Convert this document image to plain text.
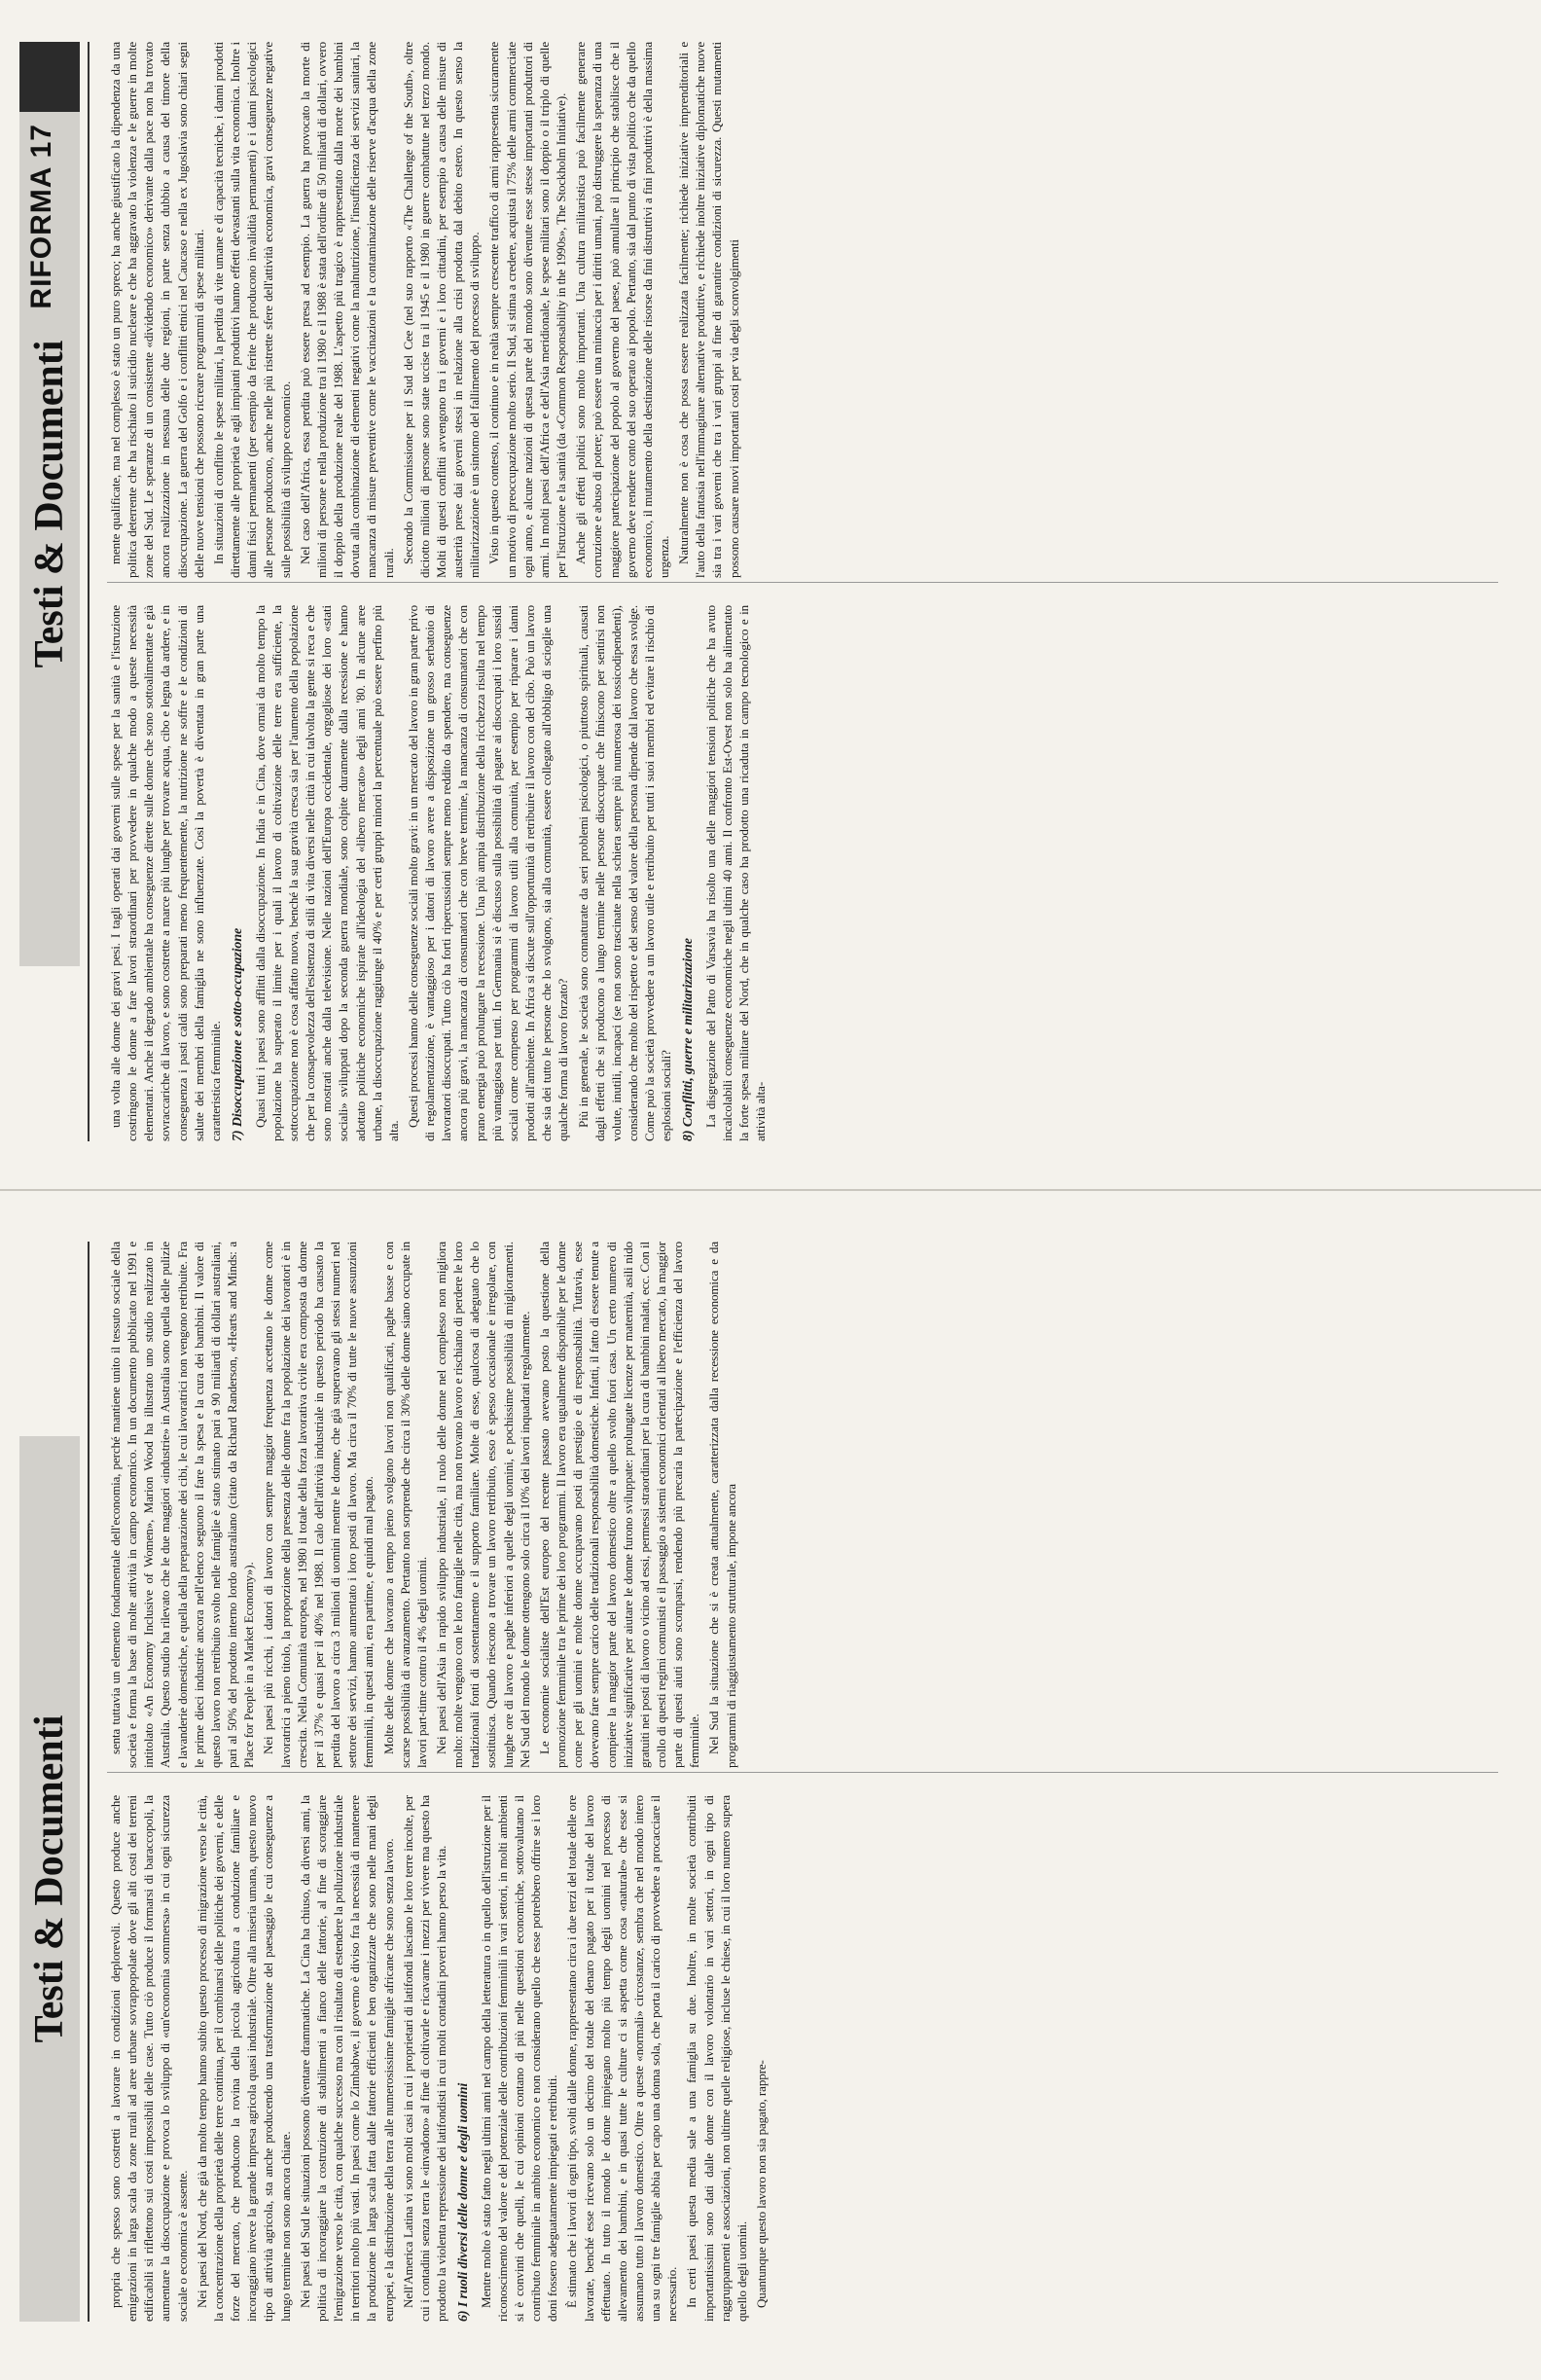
Testi & Documenti	propria che spesso sono costretti a lavorare in condizioni deplorevoli. Questo produce anche emigrazioni in larga scala da zone rurali ad aree urbane sovrappopolate dove gli alti costi dei terreni edificabili si riflettono sui costi impossibili delle case. Tutto ciò produce il formarsi di baraccopoli, la aumentare la disoccupazione e provoca lo sviluppo di «un'economia sommersa» in cui ogni sicurezza sociale o economica è assente. Nei paesi del Nord, che già da molto tempo hanno subito questo processo di migrazione verso le città, la concentrazione della proprietà delle terre continua, per il combinarsi delle politiche dei governi, e delle forze del mercato, che producono la rovina della piccola agricoltura a conduzione familiare e incoraggiano invece la grande impresa agricola quasi industriale. Oltre alla miseria umana, questo nuovo tipo di attività agricola, sta anche producendo una trasformazione del paesaggio le cui conseguenze a lungo termine non sono ancora chiare. Nei paesi del Sud le situazioni possono diventare drammatiche. La Cina ha chiuso, da diversi anni, la politica di incoraggiare la costruzione di stabilimenti a fianco delle fattorie, al fine di scoraggiare l'emigrazione verso le città, con qualche successo ma con il risultato di estendere la polluzione industriale in territori molto più vasti. In paesi come lo Zimbabwe, il governo è diviso fra la necessità di mantenere la produzione in larga scala fatta dalle fattorie efficienti e ben organizzate che sono nelle mani degli europei, e la distribuzione della terra alle numerosissime famiglie africane che sono senza lavoro. Nell'America Latina vi sono molti casi in cui i proprietari di latifondi lasciano le loro terre incolte, per cui i contadini senza terra le «invadono» al fine di coltivarle e ricavarne i mezzi per vivere ma questo ha prodotto la violenta repressione dei latifondisti in cui molti contadini poveri hanno perso la vita. 6) I ruoli diversi delle donne e degli uomini Mentre molto è stato fatto negli ultimi anni nel campo della letteratura o in quello dell'istruzione per il riconoscimento del valore e del potenziale delle contribuzioni femminili in vari settori, in molti ambienti si è convinti che quelli, le cui opinioni contano di più nelle questioni economiche, sottovalutano il contributo femminile in ambito economico e non considerano quello che esse potrebbero offrire se i loro doni fossero adeguatamente impiegati e retribuiti. È stimato che i lavori di ogni tipo, svolti dalle donne, rappresentano circa i due terzi del totale delle ore lavorate, benché esse ricevano solo un decimo del totale del denaro pagato per il totale del lavoro effettuato. In tutto il mondo le donne impiegano molto più tempo degli uomini nel processo di allevamento dei bambini, e in quasi tutte le culture ci si aspetta come cosa «naturale» che esse si assumano tutto il lavoro domestico. Oltre a queste «normali» circostanze, sembra che nel mondo intero una su ogni tre famiglie abbia per capo una donna sola, che porta il carico di provvedere a procacciare il necessario. In certi paesi questa media sale a una famiglia su due. Inoltre, in molte società contribuiti importantissimi sono dati dalle donne con il lavoro volontario in vari settori, in ogni tipo di raggruppamenti e associazioni, non ultime quelle religiose, incluse le chiese, in cui il loro numero supera quello degli uomini. Quantunque questo lavoro non sia pagato, rappre-

senta tuttavia un elemento fondamentale dell'economia, perché mantiene unito il tessuto sociale della società e forma la base di molte attività in campo economico. In un documento pubblicato nel 1991 e intitolato «An Economy Inclusive of Women», Marion Wood ha illustrato uno studio realizzato in Australia. Questo studio ha rilevato che le due maggiori «industrie» in Australia sono quella delle pulizie e lavanderie domestiche, e quella della preparazione dei cibi, le cui lavoratrici non vengono retribuite. Fra le prime dieci industrie ancora nell'elenco seguono il fare la spesa e la cura dei bambini. Il valore di questo lavoro non retribuito svolto nelle famiglie è stato stimato pari a 90 miliardi di dollari australiani, pari al 50% del prodotto interno lordo australiano (citato da Richard Randerson, «Hearts and Minds: a Place for People in a Market Economy»). Nei paesi più ricchi, i datori di lavoro con sempre maggior frequenza accettano le donne come lavoratrici a pieno titolo, la proporzione della presenza delle donne fra la popolazione dei lavoratori è in crescita. Nella Comunità europea, nel 1980 il totale della forza lavorativa civile era composta da donne per il 37% e quasi per il 40% nel 1988. Il calo dell'attività industriale in questo periodo ha causato la perdita del lavoro a circa 3 milioni di uomini mentre le donne, che già superavano gli stessi numeri nel settore dei servizi, hanno aumentato i loro posti di lavoro. Ma circa il 70% di tutte le nuove assunzioni femminili, in questi anni, era partime, e quindi mal pagato. Molte delle donne che lavorano a tempo pieno svolgono lavori non qualificati, paghe basse e con scarse possibilità di avanzamento. Pertanto non sorprende che circa il 30% delle donne siano occupate in lavori part-time contro il 4% degli uomini. Nei paesi dell'Asia in rapido sviluppo industriale, il ruolo delle donne nel complesso non migliora molto: molte vengono con le loro famiglie nelle città, ma non trovano lavoro e rischiano di perdere le loro tradizionali fonti di sostentamento e il supporto familiare. Molte di esse, qualcosa di adeguato che lo sostituisca. Quando riescono a trovare un lavoro retribuito, esso è spesso occasionale e irregolare, con lunghe ore di lavoro e paghe inferiori a quelle degli uomini, e pochissime possibilità di miglioramenti. Nel Sud del mondo le donne ottengono solo circa il 10% dei lavori inquadrati regolarmente. Le economie socialiste dell'Est europeo del recente passato avevano posto la questione della promozione femminile tra le prime dei loro programmi. Il lavoro era ugualmente disponibile per le donne come per gli uomini e molte donne occupavano posti di prestigio e di responsabilità. Tuttavia, esse dovevano fare sempre carico delle tradizionali responsabilità domestiche. Infatti, il fatto di essere tenute a compiere la maggior parte del lavoro domestico oltre a quello svolto fuori casa. Un certo numero di iniziative significative per aiutare le donne furono sviluppate: prolungate licenze per maternità, asili nido gratuiti nei posti di lavoro o vicino ad essi, permessi straordinari per la cura di bambini malati, ecc. Con il crollo di questi regimi comunisti e il passaggio a sistemi economici orientati al libero mercato, la maggior parte di questi aiuti sono scomparsi, rendendo più precaria la partecipazione e l'efficienza del lavoro femminile. Nel Sud la situazione che si è creata attualmente, caratterizzata dalla recessione economica e da programmi di riaggiustamento strutturale, impone ancora

Testi & Documenti
RIFORMA 17

una volta alle donne dei gravi pesi. I tagli operati dai governi sulle spese per la sanità e l'istruzione costringono le donne a fare lavori straordinari per provvedere in qualche modo a queste necessità elementari. Anche il degrado ambientale ha conseguenze dirette sulle donne che sono sottoalimentate e già sovraccariche di lavoro, e sono costrette a marce più lunghe per trovare acqua, cibo e legna da ardere, e in conseguenza i pasti caldi sono preparati meno frequentemente, la nutrizione ne soffre e le condizioni di salute dei membri della famiglia ne sono influenzate. Così la povertà è diventata in gran parte una caratteristica femminile. 7) Disoccupazione e sotto-occupazione Quasi tutti i paesi sono afflitti dalla disoccupazione. In India e in Cina, dove ormai da molto tempo la popolazione ha superato il limite per i quali il lavoro di coltivazione delle terre era sufficiente, la sottoccupazione non è cosa affatto nuova, benché la sua gravità cresca sia per l'aumento della popolazione che per la consapevolezza dell'esistenza di stili di vita diversi nelle città in cui talvolta la gente si reca e che sono mostrati anche dalla televisione. Nelle nazioni dell'Europa occidentale, orgogliose dei loro «stati sociali» sviluppati dopo la seconda guerra mondiale, sono colpite duramente dalla recessione e hanno adottato politiche economiche ispirate all'ideologia del «libero mercato» degli anni '80. In alcune aree urbane, la disoccupazione raggiunge il 40% e per certi gruppi minori la percentuale può essere perfino più alta.

Questi processi hanno delle conseguenze sociali molto gravi: in un mercato del lavoro in gran parte privo di regolamentazione, è vantaggioso per i datori di lavoro avere a disposizione un grosso serbatoio di lavoratori disoccupati. Tutto ciò ha forti ripercussioni sempre meno reddito da spendere, ma conseguenze ancora più gravi, la mancanza di consumatori che con breve termine, la mancanza di consumatori che con prano energia può prolungare la recessione. Una più ampia distribuzione della ricchezza risulta nel tempo più vantaggiosa per tutti. In Germania si è discusso sulla possibilità di pagare ai disoccupati i loro sussidi sociali come compenso per programmi di lavoro utili alla comunità, per esempio per riparare i danni prodotti all'ambiente. In Africa si discute sull'opportunità di retribuire il lavoro con del cibo. Può un lavoro che sia dei tutto le persone che lo svolgono, sia alla comunità, essere collegato all'obbligo di scioglie una qualche forma di lavoro forzato? Più in generale, le società sono connaturate da seri problemi psicologici, o piuttosto spirituali, causati dagli effetti che si producono a lungo termine nelle persone disoccupate che finiscono per sentirsi non volute, inutili, incapaci (se non sono trascinate nella schiera sempre più numerosa dei tossicodipendenti), considerando che molto del rispetto e del senso del valore della persona dipende dal lavoro che essa svolge. Come può la società provvedere a un lavoro utile e retribuito per tutti i suoi membri ed evitare il rischio di esplosioni sociali? 8) Conflitti, guerre e militarizzazione La disgregazione del Patto di Varsavia ha risolto una delle maggiori tensioni politiche che ha avuto incalcolabili conseguenze economiche negli ultimi 40 anni. Il confronto Est-Ovest non solo ha alimentato la forte spesa militare del Nord, che in qualche caso ha prodotto una ricaduta in campo tecnologico e in attività alta-

mente qualificate, ma nel complesso è stato un puro spreco; ha anche giustificato la dipendenza da una politica deterrente che ha rischiato il suicidio nucleare e che ha aggravato la violenza e le guerre in molte zone del Sud. Le speranze di un consistente «dividendo economico» derivante dalla pace non ha trovato ancora realizzazione in nessuna delle due regioni, in parte senza dubbio a causa del timore della disoccupazione. La guerra del Golfo e i conflitti etnici nel Caucaso e nella ex Jugoslavia sono chiari segni delle nuove tensioni che possono ricreare programmi di spese militari. In situazioni di conflitto le spese militari, la perdita di vite umane e di capacità tecniche, i danni prodotti direttamente alle proprietà e agli impianti produttivi hanno effetti devastanti sulla vita economica. Inoltre i danni fisici permanenti (per esempio da ferite che producono invalidità permanenti) e i danni psicologici alle persone producono, anche nelle più ristrette sfere dell'attività economica, gravi conseguenze negative sulle possibilità di sviluppo economico. Nel caso dell'Africa, essa perdita può essere presa ad esempio. La guerra ha provocato la morte di milioni di persone e nella produzione tra il 1980 e il 1988 è stata dell'ordine di 50 miliardi di dollari, ovvero il doppio della produzione reale del 1988. L'aspetto più tragico è rappresentato dalla morte dei bambini dovuta alla combinazione di elementi negativi come la malnutrizione, l'insufficienza dei servizi sanitari, la mancanza di misure preventive come le vaccinazioni e la contaminazione delle riserve d'acqua della zone rurali. Secondo la Commissione per il Sud del Cee (nel suo rapporto «The Challenge of the South», oltre diciotto milioni di persone sono state uccise tra il 1945 e il 1980 in guerre combattute nel terzo mondo. Molti di questi conflitti avvengono tra i governi e i loro cittadini, per esempio a causa delle misure di austerità prese dai governi stessi in relazione alla crisi prodotta dal debito estero. In questo senso la militarizzazione è un sintomo del fallimento del processo di sviluppo. Visto in questo contesto, il continuo e in realtà sempre crescente traffico di armi rappresenta sicuramente un motivo di preoccupazione molto serio. Il Sud, si stima a credere, acquista il 75% delle armi commerciate ogni anno, e alcune nazioni di questa parte del mondo sono divenute esse stesse importanti produttori di armi. In molti paesi dell'Africa e dell'Asia meridionale, le spese militari sono il doppio o il triplo di quelle per l'istruzione e la sanità (da «Common Responsability in the 1990s», The Stockholm Initiative). Anche gli effetti politici sono molto importanti. Una cultura militaristica può facilmente generare corruzione e abuso di potere; può essere una minaccia per i diritti umani, può distruggere la speranza di una maggiore partecipazione del popolo al governo del paese, può annullare il principio che stabilisce che il governo deve rendere conto del suo operato ai popolo. Pertanto, sia dal punto di vista politico che da quello economico, il mutamento della destinazione delle risorse da fini distruttivi a fini produttivi è della massima urgenza. Naturalmente non è cosa che possa essere realizzata facilmente; richiede iniziative imprenditoriali e l'auto della fantasia nell'immaginare alternative produttive, e richiede inoltre iniziative diplomatiche nuove sia tra i vari governi che tra i vari gruppi al fine di garantire condizioni di sicurezza. Questi mutamenti possono causare nuovi importanti costi per via degli sconvolgimenti
